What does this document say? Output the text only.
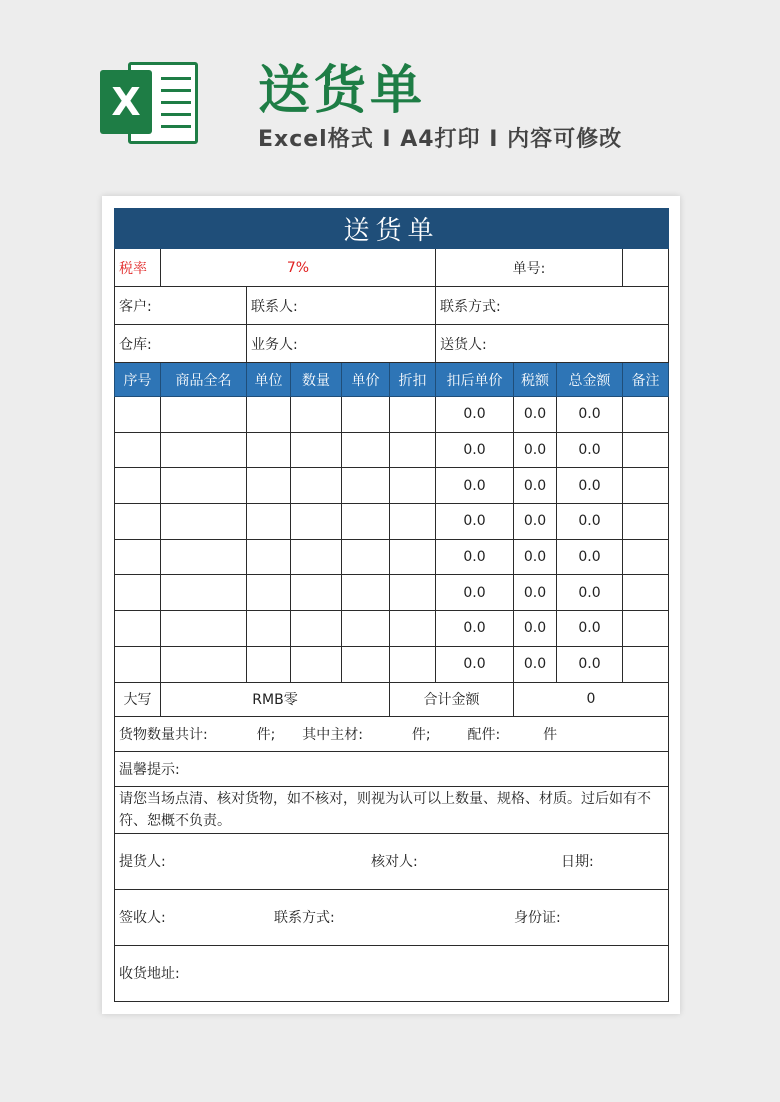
X 送货单
Excel格式 I A4打印 I 内容可修改
送货单									
税率	7%					单号:			
客户:		联系人:				联系方式:			
仓库:		业务人:				送货人:			
序号	商品全名	单位	数量	单价	折扣	扣后单价	税额	总金额	备注
						0.0	0.0	0.0	
						0.0	0.0	0.0	
						0.0	0.0	0.0	
						0.0	0.0	0.0	
						0.0	0.0	0.0	
						0.0	0.0	0.0	
						0.0	0.0	0.0	
						0.0	0.0	0.0	
大写	RMB零				合计金额		0		
货物数量共计: 件; 其中主材: 件; 配件: 件									
温馨提示:									
请您当场点清、核对货物，如不核对，则视为认可以上数量、规格、材质。过后如有不符、恕概不负责。									
提货人: 核对人: 日期:									
签收人: 联系方式: 身份证:									
收货地址:									
